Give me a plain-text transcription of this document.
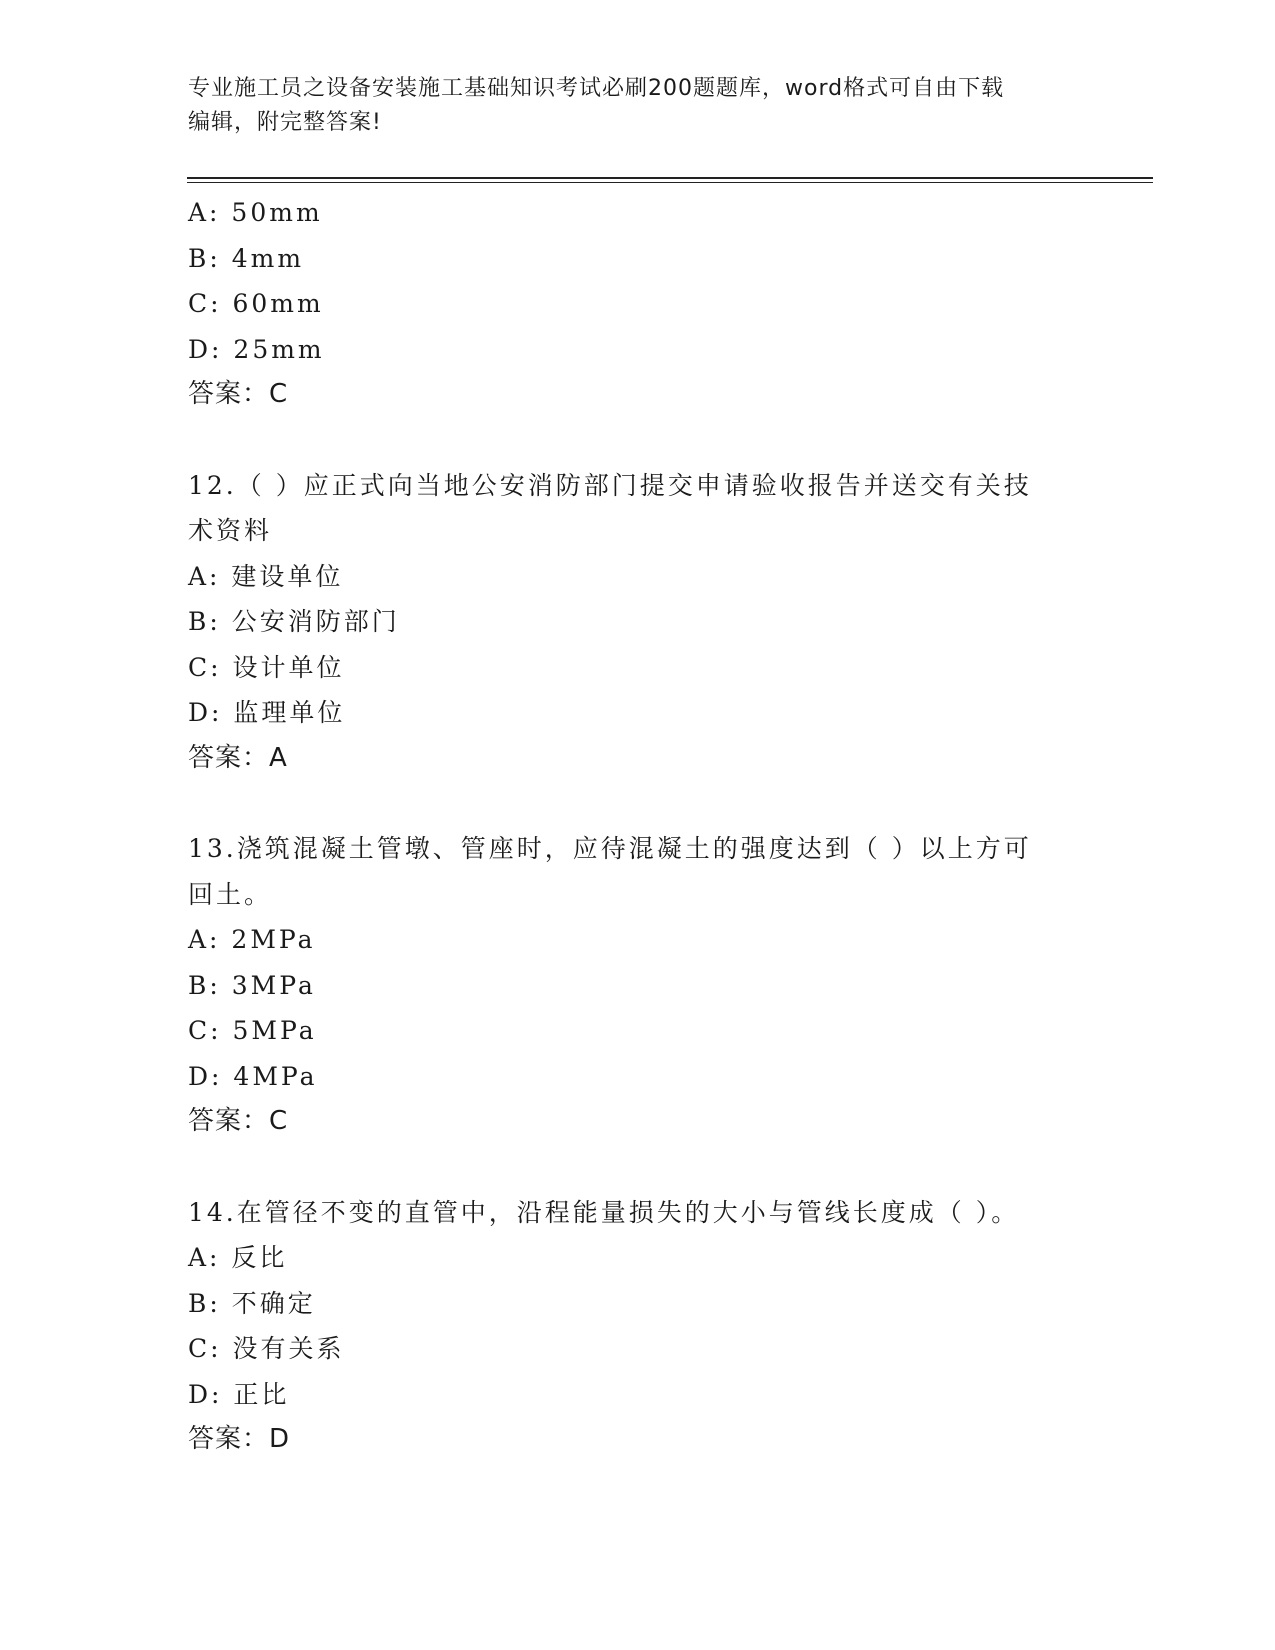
专业施工员之设备安装施工基础知识考试必刷200题题库，word格式可自由下载
编辑，附完整答案!
A: 50mm
B: 4mm
C: 60mm
D: 25mm
答案：C
12.（ ）应正式向当地公安消防部门提交申请验收报告并送交有关技
术资料
A: 建设单位
B: 公安消防部门
C: 设计单位
D: 监理单位
答案：A
13.浇筑混凝土管墩、管座时，应待混凝土的强度达到（ ）以上方可
回土。
A: 2MPa
B: 3MPa
C: 5MPa
D: 4MPa
答案：C
14.在管径不变的直管中，沿程能量损失的大小与管线长度成（ ）。
A: 反比
B: 不确定
C: 没有关系
D: 正比
答案：D
